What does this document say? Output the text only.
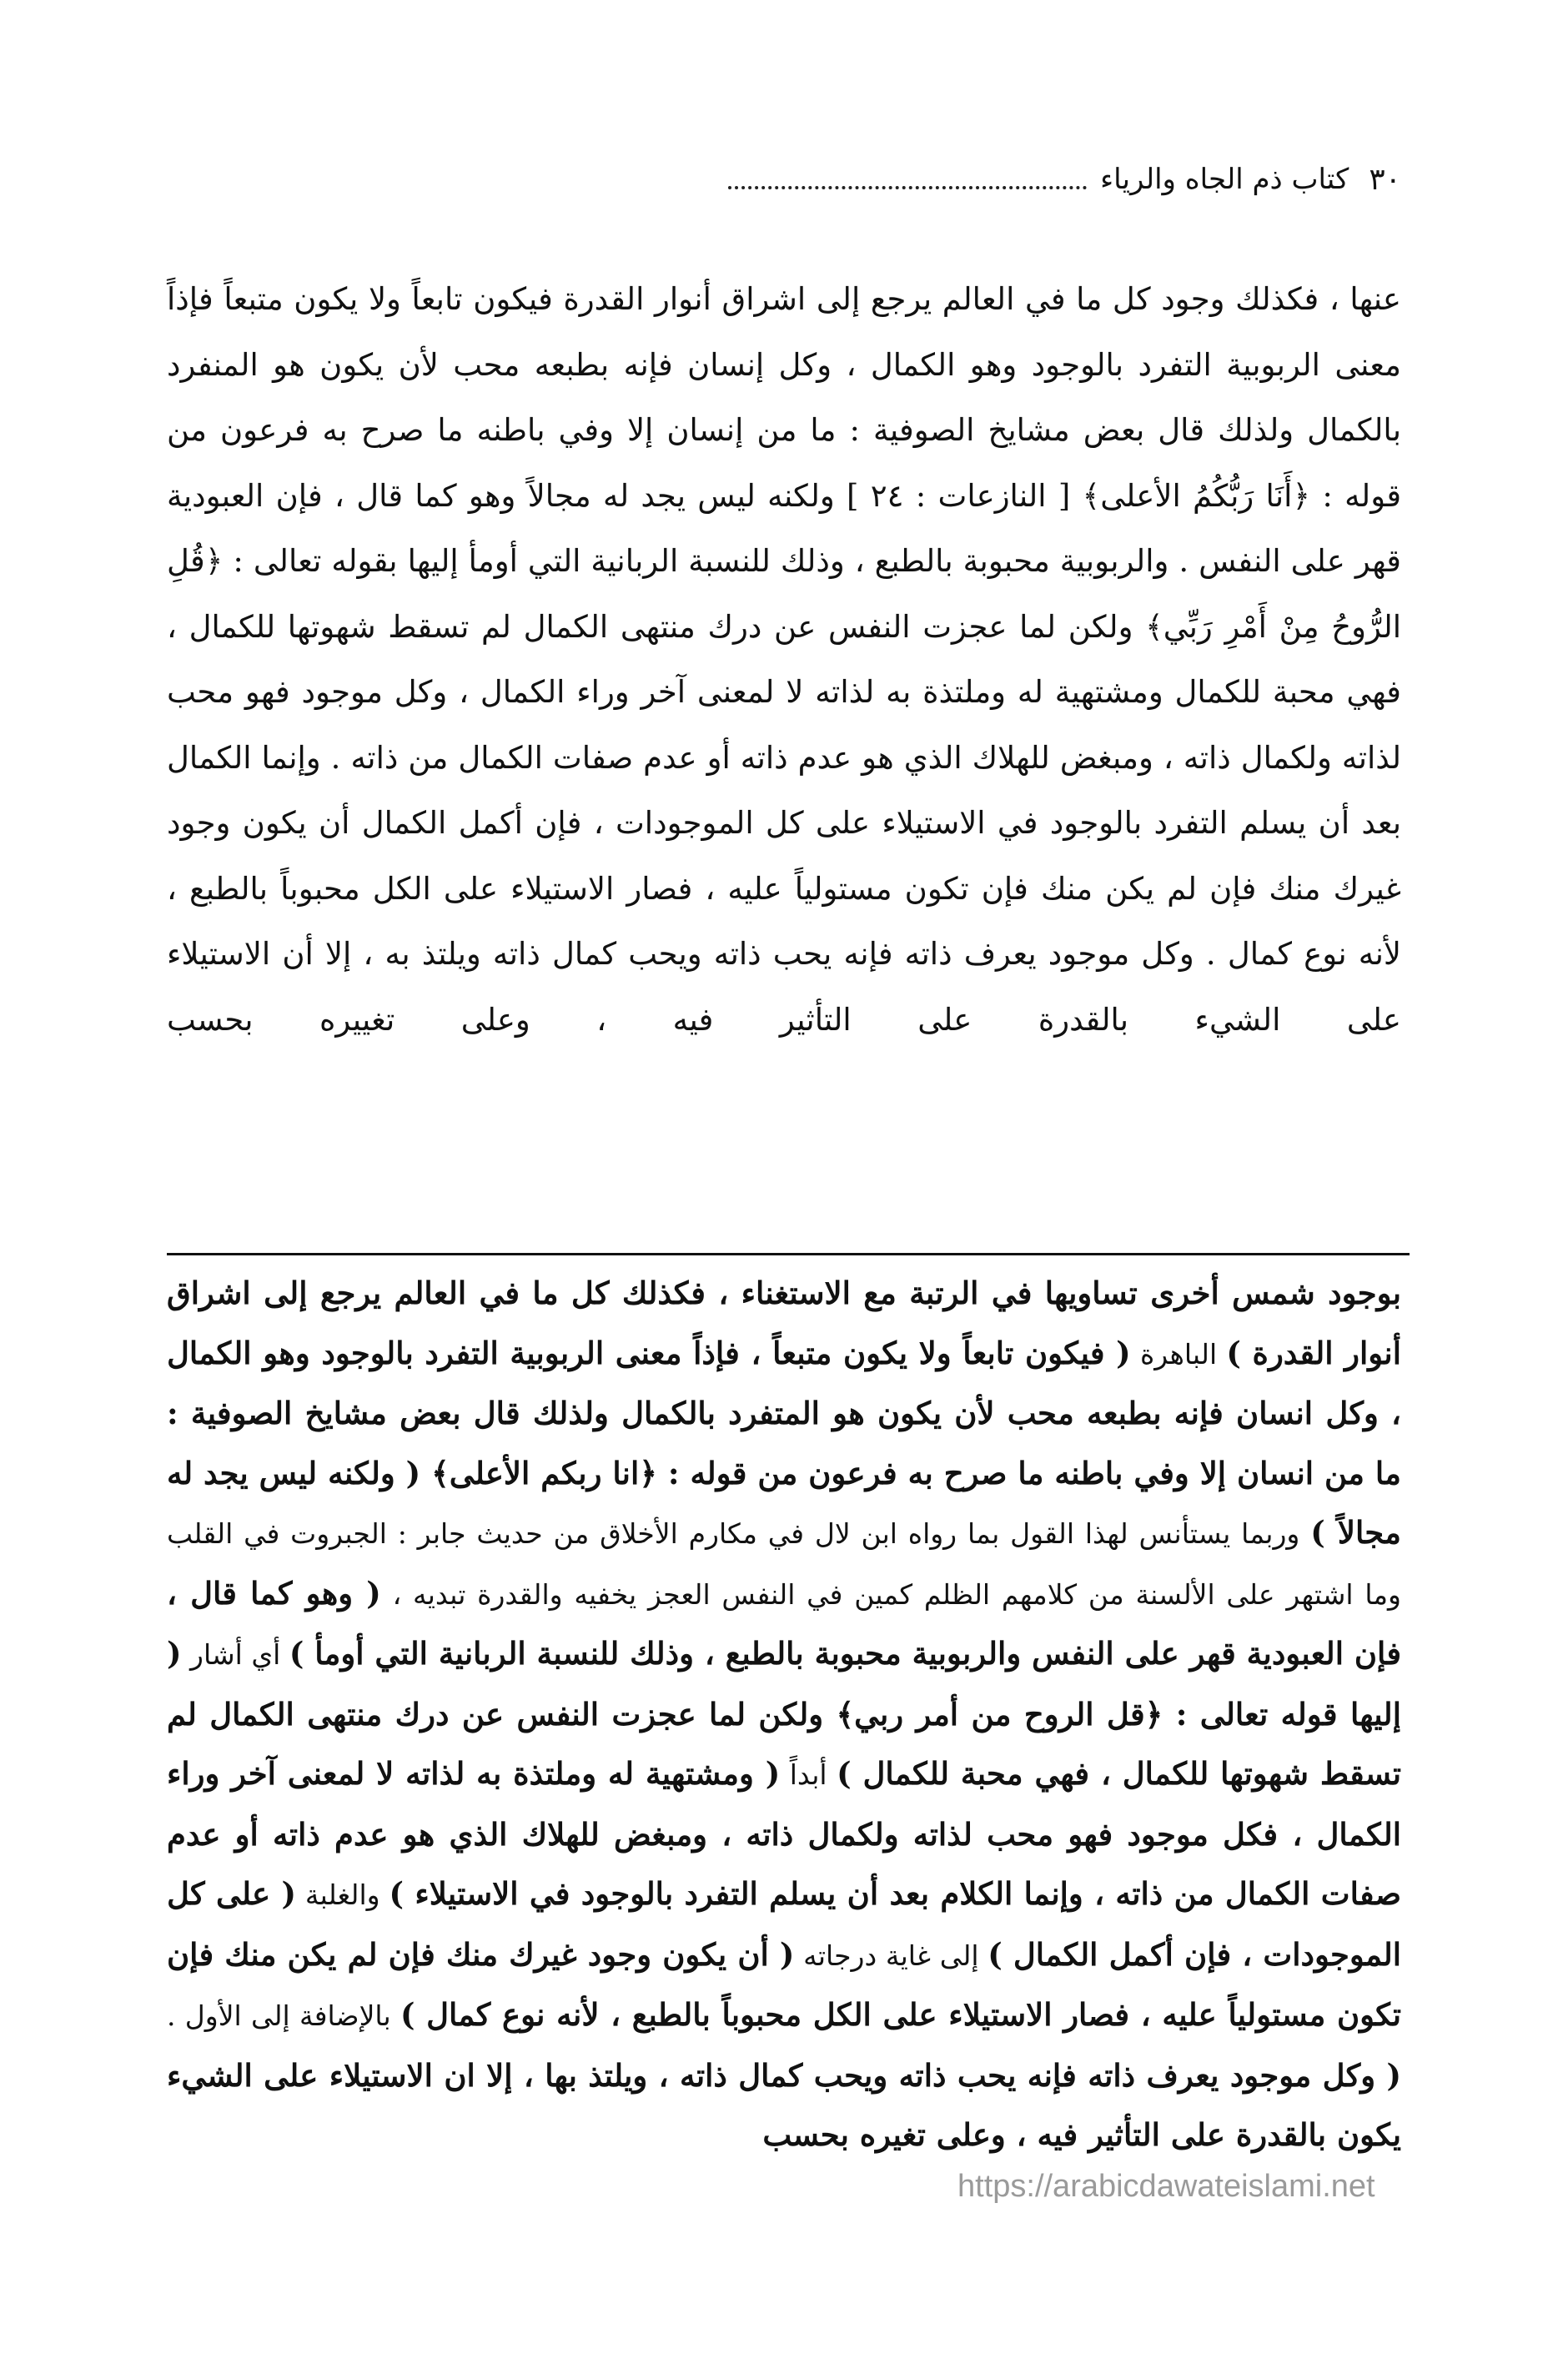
٣٠
كتاب ذم الجاه والرياء

عنها ، فكذلك وجود كل ما في العالم يرجع إلى اشراق أنوار القدرة فيكون تابعاً ولا يكون متبعاً فإذاً معنى الربوبية التفرد بالوجود وهو الكمال ، وكل إنسان فإنه بطبعه محب لأن يكون هو المنفرد بالكمال ولذلك قال بعض مشايخ الصوفية : ما من إنسان إلا وفي باطنه ما صرح به فرعون من قوله : ﴿أَنَا رَبُّكُمُ الأعلى﴾ [ النازعات : ٢٤ ] ولكنه ليس يجد له مجالاً وهو كما قال ، فإن العبودية قهر على النفس . والربوبية محبوبة بالطبع ، وذلك للنسبة الربانية التي أومأ إليها بقوله تعالى : ﴿قُلِ الرُّوحُ مِنْ أَمْرِ رَبِّي﴾ ولكن لما عجزت النفس عن درك منتهى الكمال لم تسقط شهوتها للكمال ، فهي محبة للكمال ومشتهية له وملتذة به لذاته لا لمعنى آخر وراء الكمال ، وكل موجود فهو محب لذاته ولكمال ذاته ، ومبغض للهلاك الذي هو عدم ذاته أو عدم صفات الكمال من ذاته . وإنما الكمال بعد أن يسلم التفرد بالوجود في الاستيلاء على كل الموجودات ، فإن أكمل الكمال أن يكون وجود غيرك منك فإن لم يكن منك فإن تكون مستولياً عليه ، فصار الاستيلاء على الكل محبوباً بالطبع ، لأنه نوع كمال . وكل موجود يعرف ذاته فإنه يحب ذاته ويحب كمال ذاته ويلتذ به ، إلا أن الاستيلاء على الشيء بالقدرة على التأثير فيه ، وعلى تغييره بحسب

بوجود شمس أخرى تساويها في الرتبة مع الاستغناء ، فكذلك كل ما في العالم يرجع إلى اشراق أنوار القدرة ) الباهرة ( فيكون تابعاً ولا يكون متبعاً ، فإذاً معنى الربوبية التفرد بالوجود وهو الكمال ، وكل انسان فإنه بطبعه محب لأن يكون هو المتفرد بالكمال ولذلك قال بعض مشايخ الصوفية : ما من انسان إلا وفي باطنه ما صرح به فرعون من قوله : ﴿انا ربكم الأعلى﴾ ( ولكنه ليس يجد له مجالاً ) وربما يستأنس لهذا القول بما رواه ابن لال في مكارم الأخلاق من حديث جابر : الجبروت في القلب وما اشتهر على الألسنة من كلامهم الظلم كمين في النفس العجز يخفيه والقدرة تبديه ، ( وهو كما قال ، فإن العبودية قهر على النفس والربوبية محبوبة بالطبع ، وذلك للنسبة الربانية التي أومأ ) أي أشار ( إليها قوله تعالى : ﴿قل الروح من أمر ربي﴾ ولكن لما عجزت النفس عن درك منتهى الكمال لم تسقط شهوتها للكمال ، فهي محبة للكمال ) أبداً ( ومشتهية له وملتذة به لذاته لا لمعنى آخر وراء الكمال ، فكل موجود فهو محب لذاته ولكمال ذاته ، ومبغض للهلاك الذي هو عدم ذاته أو عدم صفات الكمال من ذاته ، وإنما الكلام بعد أن يسلم التفرد بالوجود في الاستيلاء ) والغلبة ( على كل الموجودات ، فإن أكمل الكمال ) إلى غاية درجاته ( أن يكون وجود غيرك منك فإن لم يكن منك فإن تكون مستولياً عليه ، فصار الاستيلاء على الكل محبوباً بالطبع ، لأنه نوع كمال ) بالإضافة إلى الأول . ( وكل موجود يعرف ذاته فإنه يحب ذاته ويحب كمال ذاته ، ويلتذ بها ، إلا ان الاستيلاء على الشيء يكون بالقدرة على التأثير فيه ، وعلى تغيره بحسب

https://arabicdawateislami.net
